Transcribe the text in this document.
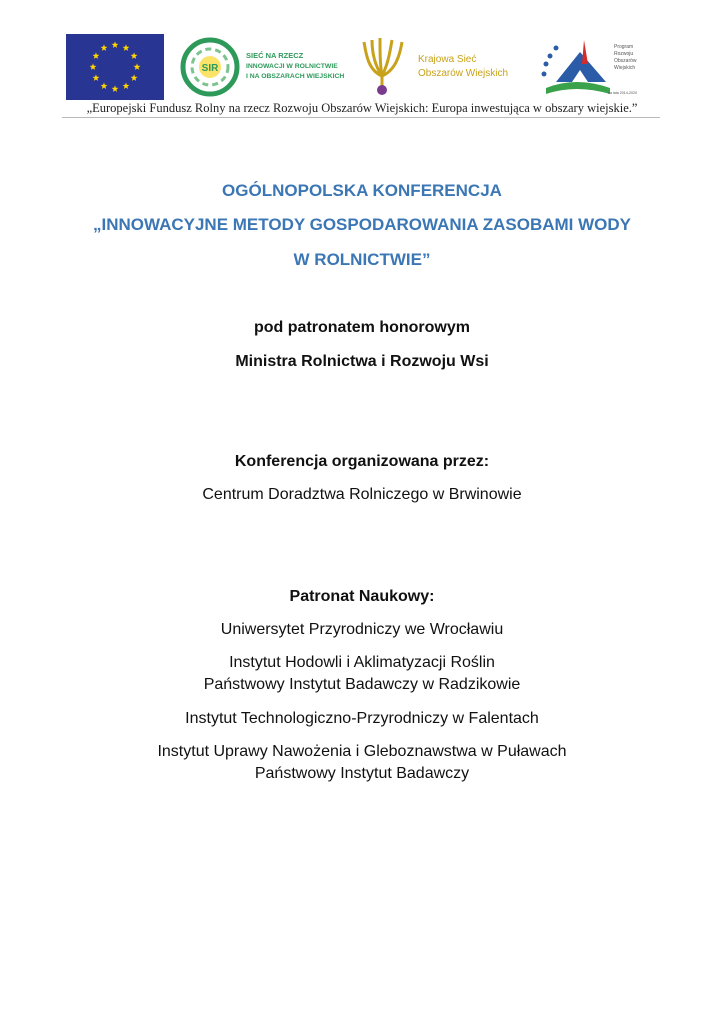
SIR
SIEĆ NA RZECZ
INNOWACJI W ROLNICTWIE
I NA OBSZARACH WIEJSKICH
Krajowa Sieć
Obszarów Wiejskich
Program
Rozwoju
Obszarów
Wiejskich
na lata 2014-2020
„Europejski Fundusz Rolny na rzecz Rozwoju Obszarów Wiejskich: Europa inwestująca w obszary wiejskie.”
OGÓLNOPOLSKA KONFERENCJA
„INNOWACYJNE METODY GOSPODAROWANIA ZASOBAMI WODY
W ROLNICTWIE”
pod patronatem honorowym
Ministra Rolnictwa i Rozwoju Wsi
Konferencja organizowana przez:
Centrum Doradztwa Rolniczego w Brwinowie
Patronat Naukowy:
Uniwersytet Przyrodniczy we Wrocławiu
Instytut Hodowli i Aklimatyzacji Roślin
Państwowy Instytut Badawczy w Radzikowie
Instytut Technologiczno-Przyrodniczy w Falentach
Instytut Uprawy Nawożenia i Gleboznawstwa w Puławach
Państwowy Instytut Badawczy
